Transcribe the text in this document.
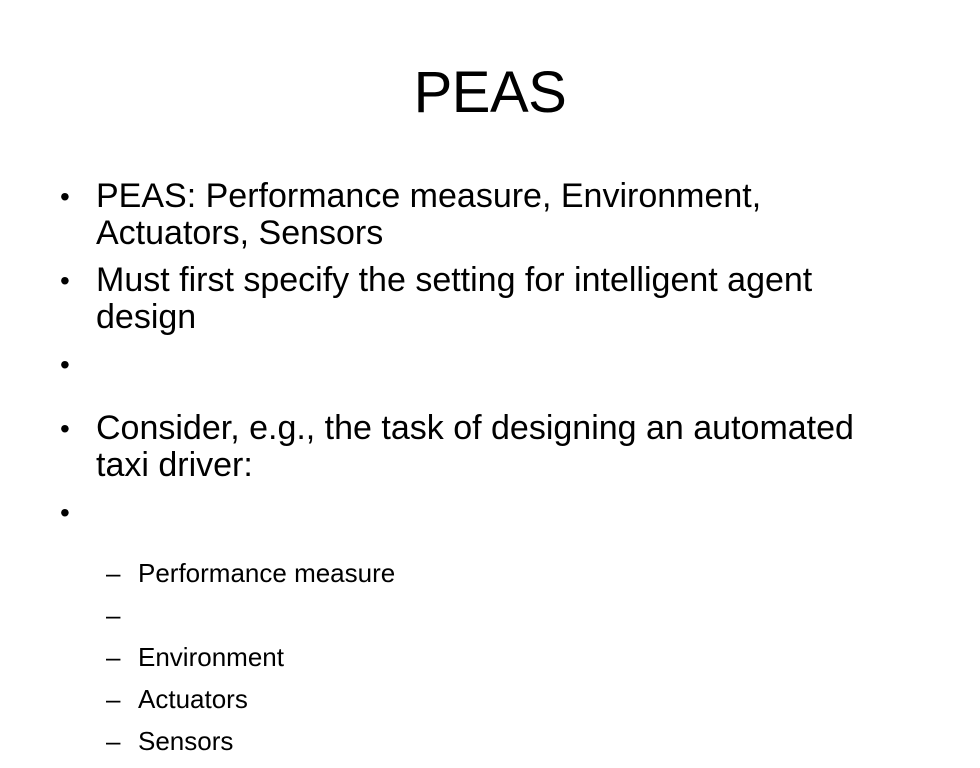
PEAS
• PEAS: Performance measure, Environment, Actuators, Sensors
• Must first specify the setting for intelligent agent design
•
• Consider, e.g., the task of designing an automated taxi driver:
•
– Performance measure
–
– Environment
– Actuators
– Sensors
